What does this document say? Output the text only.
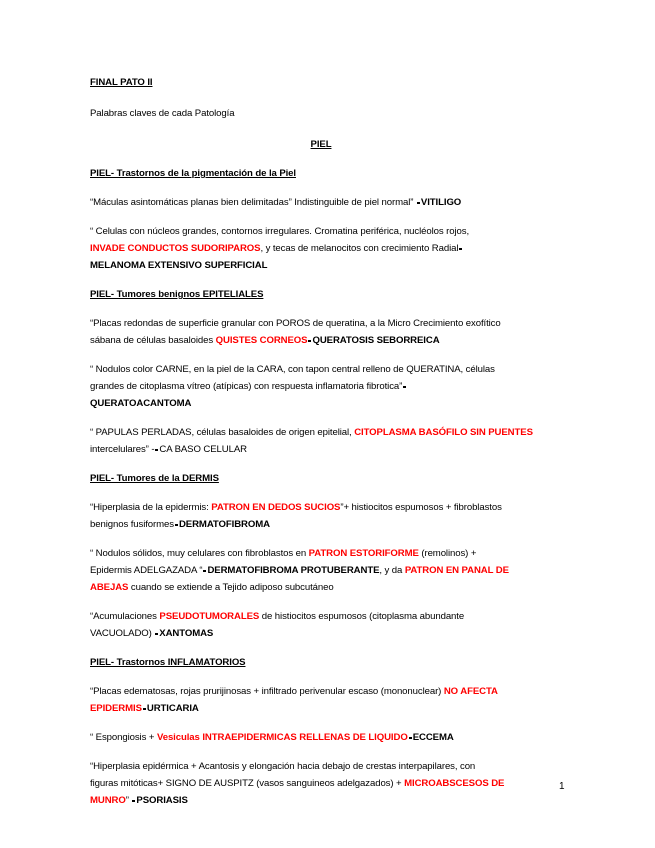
FINAL PATO II

Palabras claves de cada Patología

PIEL

PIEL- Trastornos de la pigmentación de la Piel

“Máculas asintomáticas planas bien delimitadas” Indistinguible de piel normal” VITILIGO

“ Celulas con núcleos grandes, contornos irregulares. Cromatina periférica, nucléolos rojos,
INVADE CONDUCTOS SUDORIPAROS, y tecas de melanocitos con crecimiento Radial
MELANOMA EXTENSIVO SUPERFICIAL

PIEL- Tumores benignos EPITELIALES

“Placas redondas de superficie granular con POROS de queratina, a la Micro Crecimiento exofítico
sábana de células basaloides QUISTES CORNEOS QUERATOSIS SEBORREICA

“ Nodulos color CARNE, en la piel de la CARA, con tapon central relleno de QUERATINA, células
grandes de citoplasma vítreo (atípicas) con respuesta inflamatoria fibrotica”
QUERATOACANTOMA

“ PAPULAS PERLADAS, células basaloides de origen epitelial, CITOPLASMA BASÓFILO SIN PUENTES
intercelulares” - CA BASO CELULAR

PIEL- Tumores de la DERMIS

“Hiperplasia de la epidermis: PATRON EN DEDOS SUCIOS”+ histiocitos espumosos + fibroblastos
benignos fusiformes DERMATOFIBROMA

“ Nodulos sólidos, muy celulares con fibroblastos en PATRON ESTORIFORME (remolinos) +
Epidermis ADELGAZADA “ DERMATOFIBROMA PROTUBERANTE, y da PATRON EN PANAL DE
ABEJAS cuando se extiende a Tejido adiposo subcutáneo

“Acumulaciones PSEUDOTUMORALES de histiocitos espumosos (citoplasma abundante
VACUOLADO) XANTOMAS

PIEL- Trastornos INFLAMATORIOS

“Placas edematosas, rojas prurijinosas + infiltrado perivenular escaso (mononuclear) NO AFECTA
EPIDERMIS URTICARIA

“ Espongiosis + Vesiculas INTRAEPIDERMICAS RELLENAS DE LIQUIDO ECCEMA

“Hiperplasia epidérmica + Acantosis y elongación hacia debajo de crestas interpapilares, con
figuras mitóticas+ SIGNO DE AUSPITZ (vasos sanguineos adelgazados) + MICROABSCESOS DE
MUNRO” PSORIASIS

1
